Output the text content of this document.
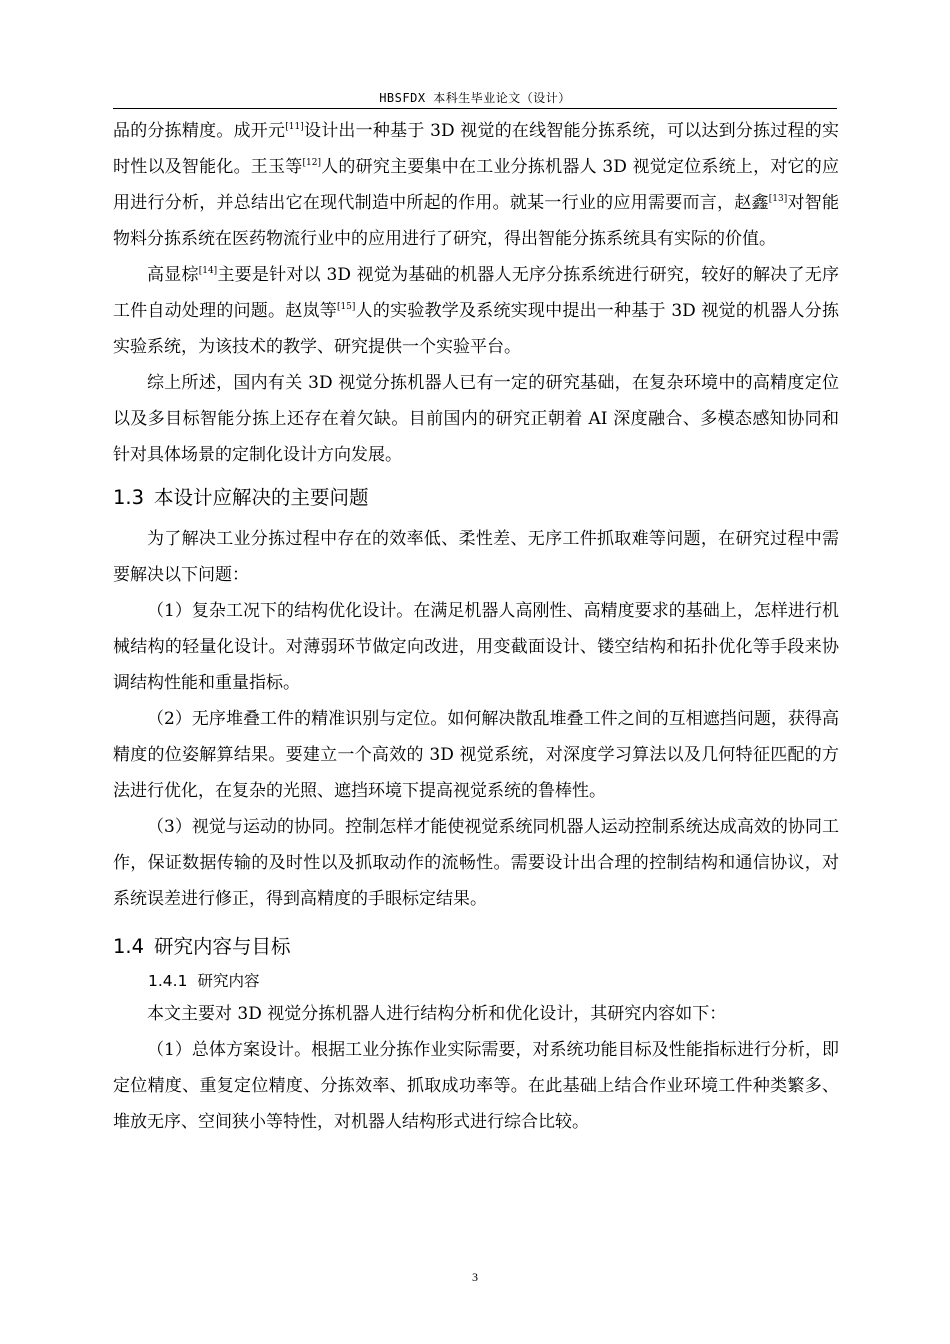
HBSFDX 本科生毕业论文（设计）

品的分拣精度。成开元[11]设计出一种基于 3D 视觉的在线智能分拣系统，可以达到分拣过程的实时性以及智能化。王玉等[12]人的研究主要集中在工业分拣机器人 3D 视觉定位系统上，对它的应用进行分析，并总结出它在现代制造中所起的作用。就某一行业的应用需要而言，赵鑫[13]对智能物料分拣系统在医药物流行业中的应用进行了研究，得出智能分拣系统具有实际的价值。

高显棕[14]主要是针对以 3D 视觉为基础的机器人无序分拣系统进行研究，较好的解决了无序工件自动处理的问题。赵岚等[15]人的实验教学及系统实现中提出一种基于 3D 视觉的机器人分拣实验系统，为该技术的教学、研究提供一个实验平台。

综上所述，国内有关 3D 视觉分拣机器人已有一定的研究基础，在复杂环境中的高精度定位以及多目标智能分拣上还存在着欠缺。目前国内的研究正朝着 AI 深度融合、多模态感知协同和针对具体场景的定制化设计方向发展。

1.3 本设计应解决的主要问题

为了解决工业分拣过程中存在的效率低、柔性差、无序工件抓取难等问题，在研究过程中需要解决以下问题：

（1）复杂工况下的结构优化设计。在满足机器人高刚性、高精度要求的基础上，怎样进行机械结构的轻量化设计。对薄弱环节做定向改进，用变截面设计、镂空结构和拓扑优化等手段来协调结构性能和重量指标。

（2）无序堆叠工件的精准识别与定位。如何解决散乱堆叠工件之间的互相遮挡问题，获得高精度的位姿解算结果。要建立一个高效的 3D 视觉系统，对深度学习算法以及几何特征匹配的方法进行优化，在复杂的光照、遮挡环境下提高视觉系统的鲁棒性。

（3）视觉与运动的协同。控制怎样才能使视觉系统同机器人运动控制系统达成高效的协同工作，保证数据传输的及时性以及抓取动作的流畅性。需要设计出合理的控制结构和通信协议，对系统误差进行修正，得到高精度的手眼标定结果。

1.4 研究内容与目标
1.4.1 研究内容

本文主要对 3D 视觉分拣机器人进行结构分析和优化设计，其研究内容如下：

（1）总体方案设计。根据工业分拣作业实际需要，对系统功能目标及性能指标进行分析，即定位精度、重复定位精度、分拣效率、抓取成功率等。在此基础上结合作业环境工件种类繁多、堆放无序、空间狭小等特性，对机器人结构形式进行综合比较。

3
